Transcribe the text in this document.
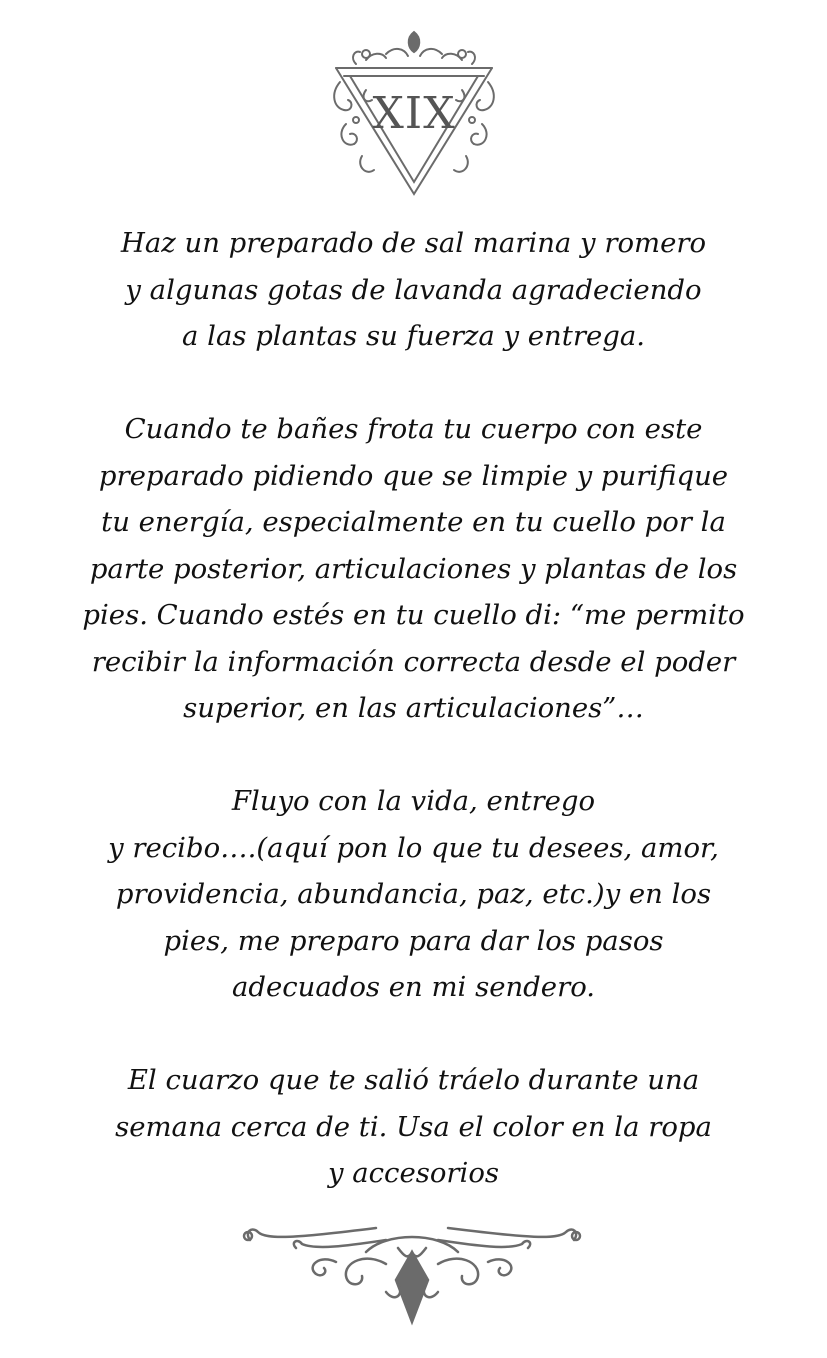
XIX

Haz un preparado de sal marina y romero
y algunas gotas de lavanda agradeciendo
a las plantas su fuerza y entrega.

Cuando te bañes frota tu cuerpo con este
preparado pidiendo que se limpie y purifique
tu energía, especialmente en tu cuello por la
parte posterior, articulaciones y plantas de los
pies. Cuando estés en tu cuello di: “me permito
recibir la información correcta desde el poder
superior, en las articulaciones”…

Fluyo con la vida, entrego
y recibo….(aquí pon lo que tu desees, amor,
providencia, abundancia, paz, etc.)y en los
pies, me preparo para dar los pasos
adecuados en mi sendero.

El cuarzo que te salió tráelo durante una
semana cerca de ti. Usa el color en la ropa
y accesorios
